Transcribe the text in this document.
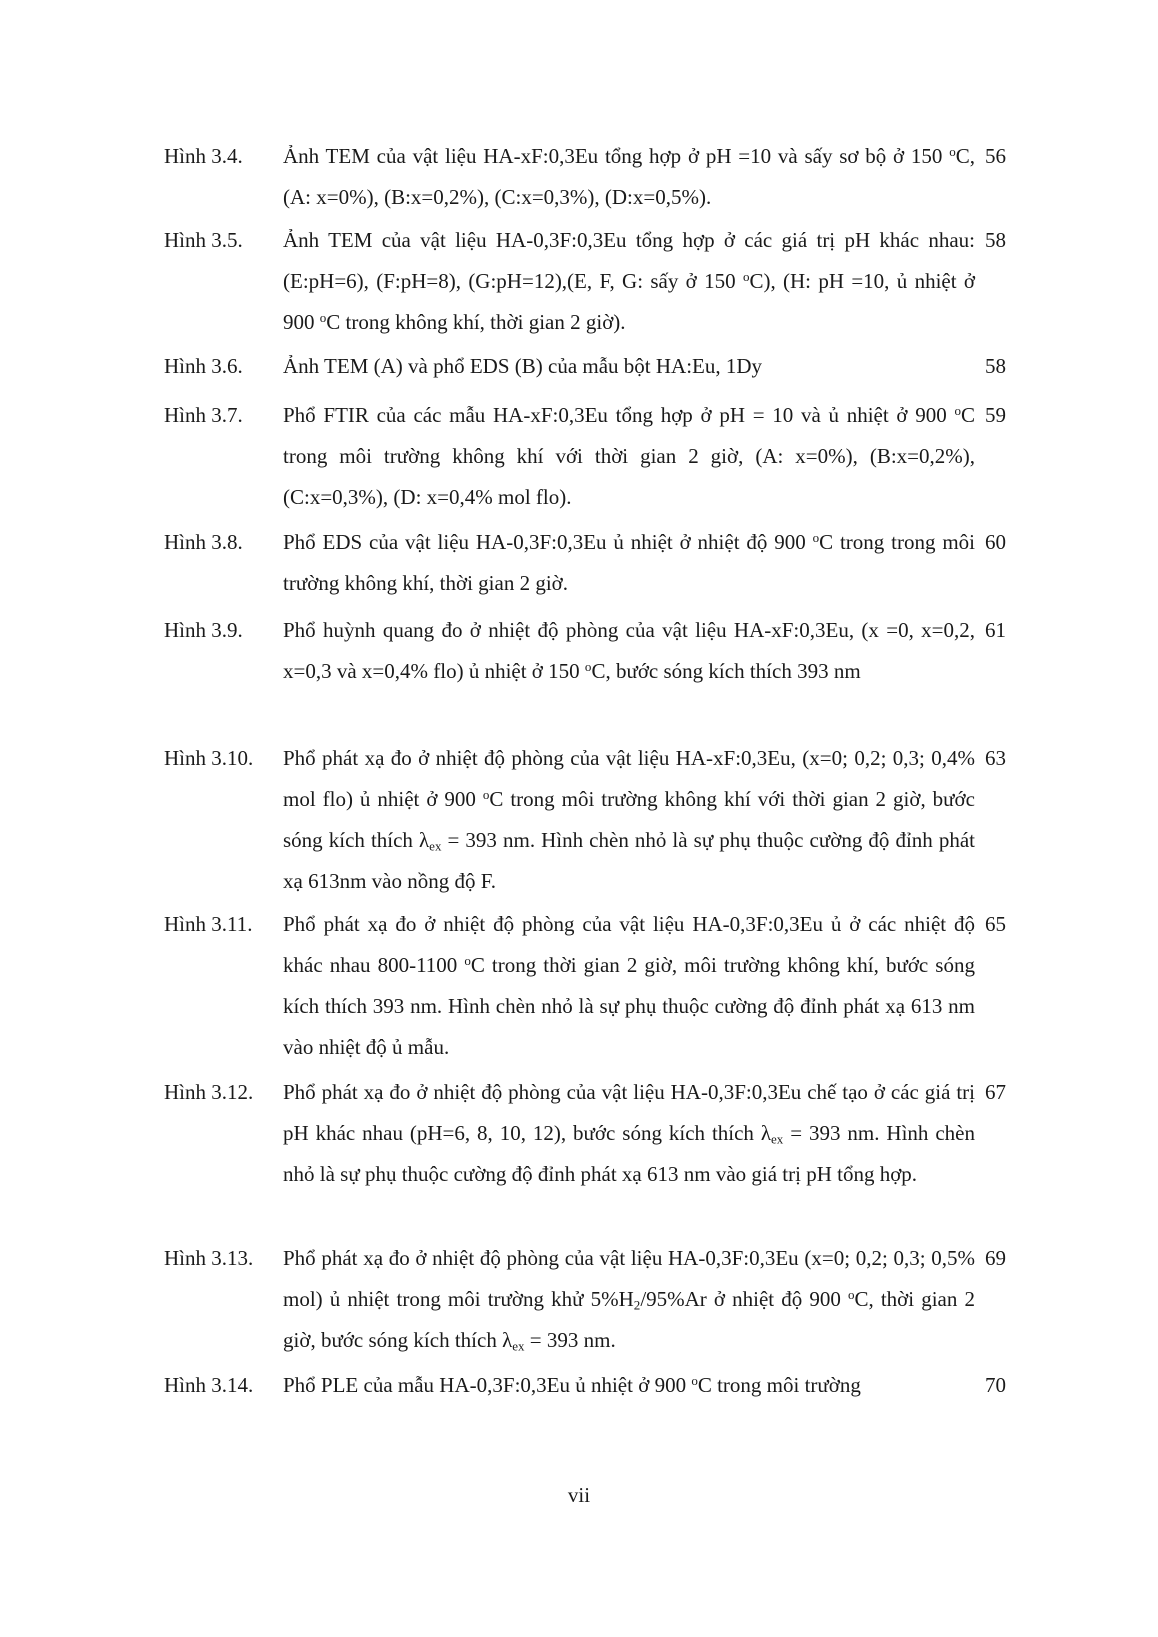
Hình 3.4. Ảnh TEM của vật liệu HA-xF:0,3Eu tổng hợp ở pH =10 và sấy sơ bộ ở 150 $^o$C, (A: x=0%), (B:x=0,2%), (C:x=0,3%), (D:x=0,5%).
56
Hình 3.5. Ảnh TEM của vật liệu HA-0,3F:0,3Eu tổng hợp ở các giá trị pH khác nhau: (E:pH=6), (F:pH=8), (G:pH=12),(E, F, G: sấy ở 150 $^o$C), (H: pH =10, ủ nhiệt ở 900 $^o$C trong không khí, thời gian 2 giờ).
58
Hình 3.6. Ảnh TEM (A) và phổ EDS (B) của mẫu bột HA:Eu, 1Dy	58
Hình 3.7. Phổ FTIR của các mẫu HA-xF:0,3Eu tổng hợp ở pH = 10 và ủ nhiệt ở 900 $^o$C trong môi trường không khí với thời gian 2 giờ, (A: x=0%), (B:x=0,2%), (C:x=0,3%), (D: x=0,4% mol flo).
59
Hình 3.8. Phổ EDS của vật liệu HA-0,3F:0,3Eu ủ nhiệt ở nhiệt độ 900 $^o$C trong trong môi trường không khí, thời gian 2 giờ.
60
Hình 3.9. Phổ huỳnh quang đo ở nhiệt độ phòng của vật liệu HA-xF:0,3Eu, (x =0, x=0,2, x=0,3 và x=0,4% flo) ủ nhiệt ở 150 $^o$C, bước sóng kích thích 393 nm
61
Hình 3.10. Phổ phát xạ đo ở nhiệt độ phòng của vật liệu HA-xF:0,3Eu, (x=0; 0,2; 0,3; 0,4% mol flo) ủ nhiệt ở 900 $^o$C trong môi trường không khí với thời gian 2 giờ, bước sóng kích thích $\lambda_{ex} = 393$ nm. Hình chèn nhỏ là sự phụ thuộc cường độ đỉnh phát xạ 613nm vào nồng độ F.
63
Hình 3.11. Phổ phát xạ đo ở nhiệt độ phòng của vật liệu HA-0,3F:0,3Eu ủ ở các nhiệt độ khác nhau 800-1100 $^o$C trong thời gian 2 giờ, môi trường không khí, bước sóng kích thích 393 nm. Hình chèn nhỏ là sự phụ thuộc cường độ đỉnh phát xạ 613 nm vào nhiệt độ ủ mẫu.
65
Hình 3.12. Phổ phát xạ đo ở nhiệt độ phòng của vật liệu HA-0,3F:0,3Eu chế tạo ở các giá trị pH khác nhau (pH=6, 8, 10, 12), bước sóng kích thích $\lambda_{ex} = 393$ nm. Hình chèn nhỏ là sự phụ thuộc cường độ đỉnh phát xạ 613 nm vào giá trị pH tổng hợp.
67
Hình 3.13. Phổ phát xạ đo ở nhiệt độ phòng của vật liệu HA-0,3F:0,3Eu (x=0; 0,2; 0,3; 0,5% mol) ủ nhiệt trong môi trường khử $5\%H_2/95\%Ar$ ở nhiệt độ 900 $^o$C, thời gian 2 giờ, bước sóng kích thích $\lambda_{ex} = 393$ nm.
69
Hình 3.14. Phổ PLE của mẫu HA-0,3F:0,3Eu ủ nhiệt ở 900 $^o$C trong môi trường	70
vii
